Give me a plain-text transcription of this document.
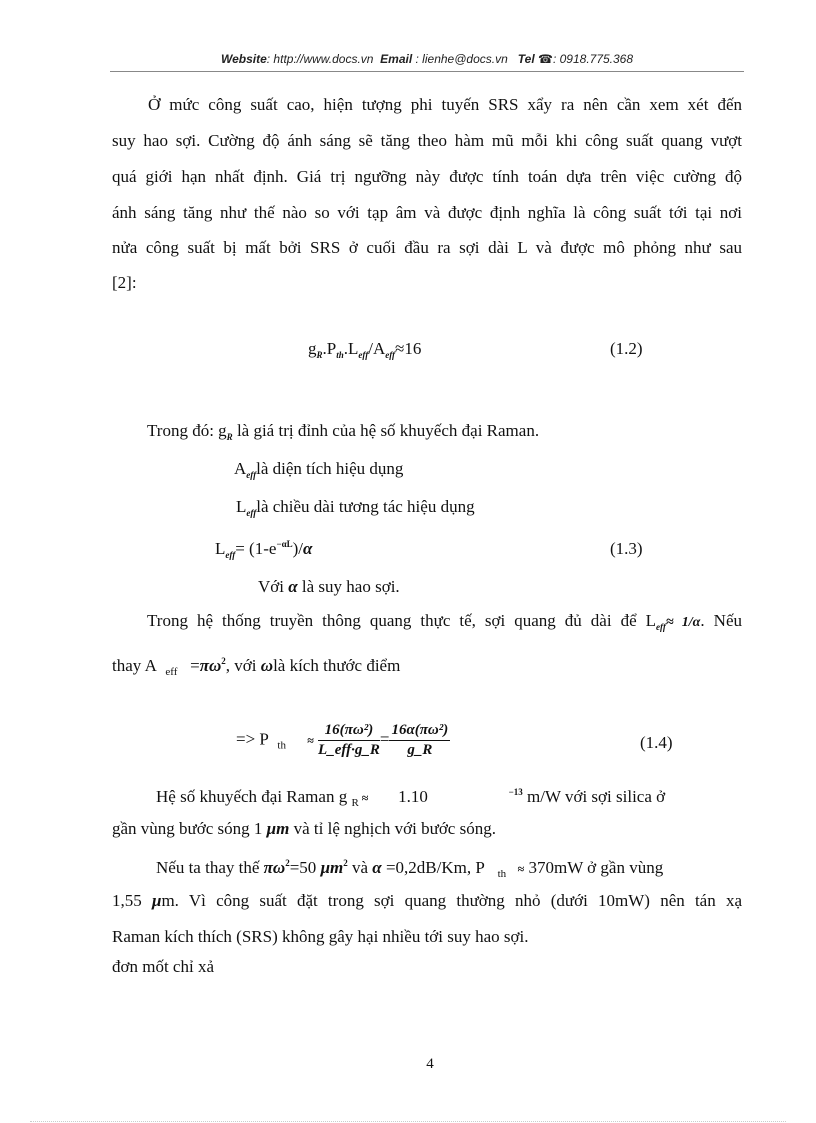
Website: http://www.docs.vn Email : lienhe@docs.vn Tel ☎: 0918.775.368
Ở mức công suất cao, hiện tượng phi tuyến SRS xẩy ra nên cần xem xét đến
suy hao sợi. Cường độ ánh sáng sẽ tăng theo hàm mũ mỗi khi công suất quang vượt
quá giới hạn nhất định. Giá trị ngưỡng này được tính toán dựa trên việc cường độ
ánh sáng tăng như thế nào so với tạp âm và được định nghĩa là công suất tới tại nơi
nửa công suất bị mất bởi SRS ở cuối đầu ra sợi dài L và được mô phỏng như sau
[2]:
$g_R.P_{th}.L_{eff}/A_{eff}\approx 16$	(1.2)
Trong đó: $g_R$ là giá trị đỉnh của hệ số khuyếch đại Raman.
$A_{eff}là$ diện tích hiệu dụng
$L_{eff}là$ chiều dài tương tác hiệu dụng
$L_{eff}= (1-e^{-\alpha L})/\alpha$	(1.3)
Với α là suy hao sợi.
Trong hệ thống truyền thông quang thực tế, sợi quang đủ dài để $L_{eff}\approx 1/\alpha$. Nếu
thay A $_{eff} =\pi\omega^2$, với ωlà kích thước điểm
=> P $_{th} \approx \frac{\text{16(πω²)}}{\text{L\_eff·g\_R}} = \frac{\text{16α(πω²)}}{g\_R}$	(1.4)
Hệ số khuyếch đại Raman g $_R$ ≈ 1.10	$^{-13}$ m/W với sợi silica ở
gần vùng bước sóng 1 μm và tỉ lệ nghịch với bước sóng.
Nếu ta thay thế $\pi\omega^2=50$ $\mu m^2$ và α =0,2dB/Km, P $_{th}$   ≈ 370mW ở gần vùng
1,55 μm. Vì công suất đặt trong sợi quang thường nhỏ (dưới 10mW) nên tán xạ
Raman kích thích (SRS) không gây hại nhiều tới suy hao sợi.
đơn mốt chỉ xả
4
